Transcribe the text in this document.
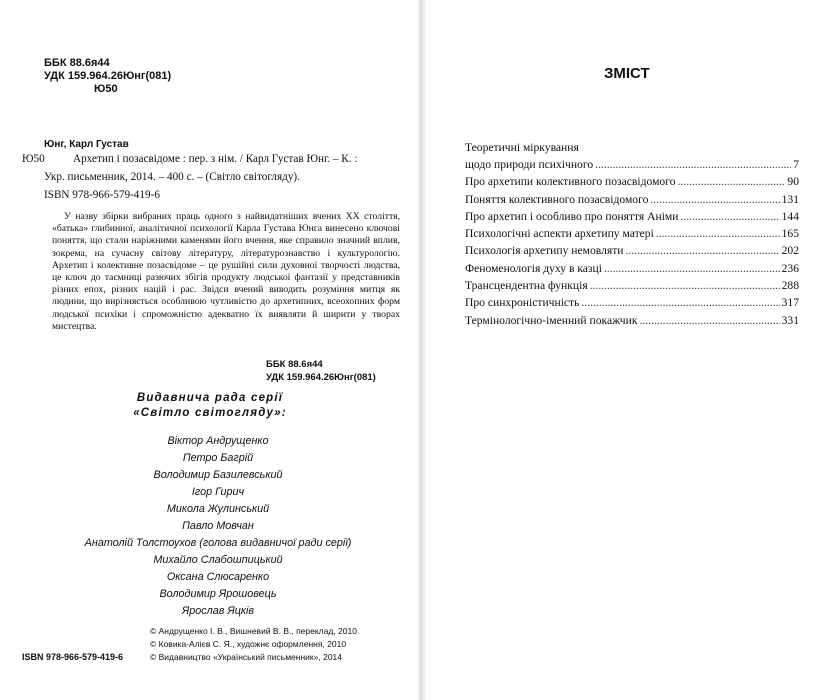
ББК 88.6я44
УДК 159.964.26Юнг(081)
Ю50
Юнг, Карл Густав
Ю50	Архетип і позасвідоме : пер. з нім. / Карл Густав Юнг. – К. :
Укр. письменник, 2014. – 400 с. – (Світло світогляду).
ISBN 978-966-579-419-6
У назву збірки вибраних праць одного з найвидатніших вчених XX століття, «батька» глибинної, аналітичної психології Карла Густава Юнга винесено ключові поняття, що стали наріжними каменями його вчення, яке справило значний вплив, зокрема, на сучасну світову літературу, літературознавство і культурологію. Архетип і колективне позасвідоме – це рушійні сили духовної творчості людства, це ключ до таємниці разючих збігів продукту людської фантазії у представників різних епох, різних націй і рас. Звідси вчений виводить розуміння митця як людини, що вирізняється особливою чутливістю до архетипних, всеохопних форм людської психіки і спроможністю адекватно їх виявляти й ширити у творах мистецтва.
ББК 88.6я44
УДК 159.964.26Юнг(081)
Видавнича рада серії
«Світло світогляду»:
Віктор Андрущенко
Петро Багрій
Володимир Базилевський
Ігор Гирич
Микола Жулинський
Павло Мовчан
Анатолій Толстоухов (голова видавничої ради серії)
Михайло Слабошпицький
Оксана Слюсаренко
Володимир Ярошовець
Ярослав Яцків
© Андрущенко І. В., Вишневий В. В., переклад, 2010
© Ковика-Алієв С. Я., художнє оформлення, 2010
ISBN 978-966-579-419-6	© Видавництво «Український письменник», 2014
ЗМІСТ
Теоретичні міркування
щодо природи психічного .....	7
Про архетипи колективного позасвідомого .....	90
Поняття колективного позасвідомого .....	131
Про архетип і особливо про поняття Аніми .....	144
Психологічні аспекти архетипу матері .....	165
Психологія архетипу немовляти .....	202
Феноменологія духу в казці .....	236
Трансцендентна функція .....	288
Про синхроністичність .....	317
Термінологічно-іменний покажчик .....	331
